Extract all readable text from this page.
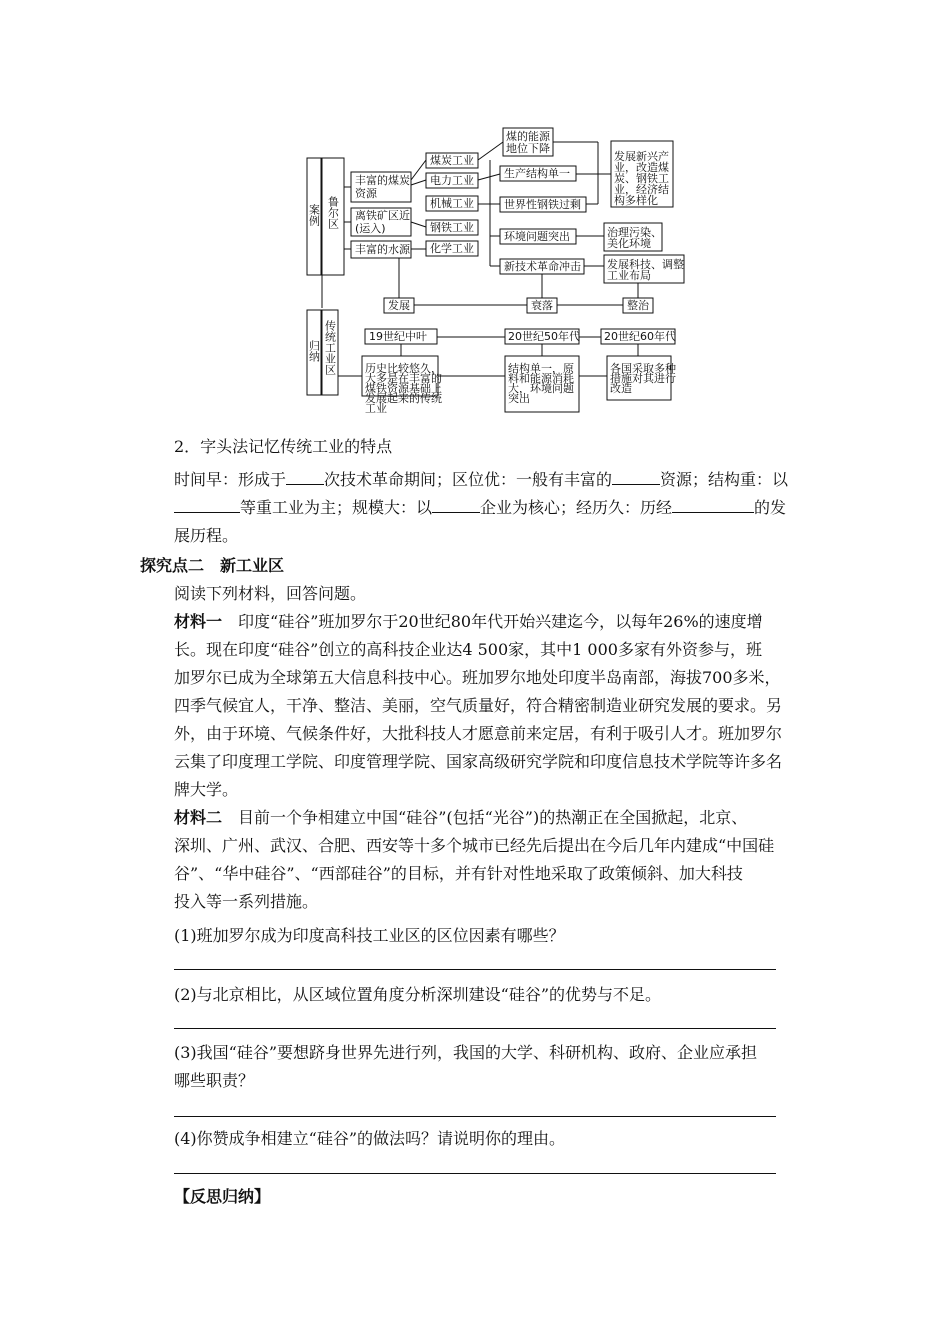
案例 鲁尔区
归纳 传统工业区
丰富的煤炭资源
离铁矿区近(运入)
丰富的水源
煤炭工业
电力工业
机械工业
钢铁工业
化学工业
煤的能源地位下降
生产结构单一
世界性钢铁过剩
环境问题突出
新技术革命冲击
发展新兴产业，改造煤炭、钢铁工业，经济结构多样化
治理污染、美化环境
发展科技、调整工业布局
发展	衰落	整治
19世纪中叶	20世纪50年代 20世纪60年代
历史比较悠久，大多是在丰富的煤铁资源基础上发展起来的传统工业
结构单一，原料和能源消耗大，环境问题突出
各国采取多种措施对其进行改造
2．字头法记忆传统工业的特点
时间早：形成于 次技术革命期间；区位优：一般有丰富的	资源；结构重：以
等重工业为主；规模大：以	企业为核心；经历久：历经	的发
展历程。
探究点二　新工业区
阅读下列材料，回答问题。
材料一　印度“硅谷”班加罗尔于20世纪80年代开始兴建迄今，以每年26%的速度增
长。现在印度“硅谷”创立的高科技企业达4 500家，其中1 000多家有外资参与，班
加罗尔已成为全球第五大信息科技中心。班加罗尔地处印度半岛南部，海拔700多米，
四季气候宜人，干净、整洁、美丽，空气质量好，符合精密制造业研究发展的要求。另
外，由于环境、气候条件好，大批科技人才愿意前来定居，有利于吸引人才。班加罗尔
云集了印度理工学院、印度管理学院、国家高级研究学院和印度信息技术学院等许多名
牌大学。
材料二　目前一个争相建立中国“硅谷”(包括“光谷”)的热潮正在全国掀起，北京、
深圳、广州、武汉、合肥、西安等十多个城市已经先后提出在今后几年内建成“中国硅
谷”、“华中硅谷”、“西部硅谷”的目标，并有针对性地采取了政策倾斜、加大科技
投入等一系列措施。
(1)班加罗尔成为印度高科技工业区的区位因素有哪些？
(2)与北京相比，从区域位置角度分析深圳建设“硅谷”的优势与不足。
(3)我国“硅谷”要想跻身世界先进行列，我国的大学、科研机构、政府、企业应承担
哪些职责？
(4)你赞成争相建立“硅谷”的做法吗？请说明你的理由。
【反思归纳】
